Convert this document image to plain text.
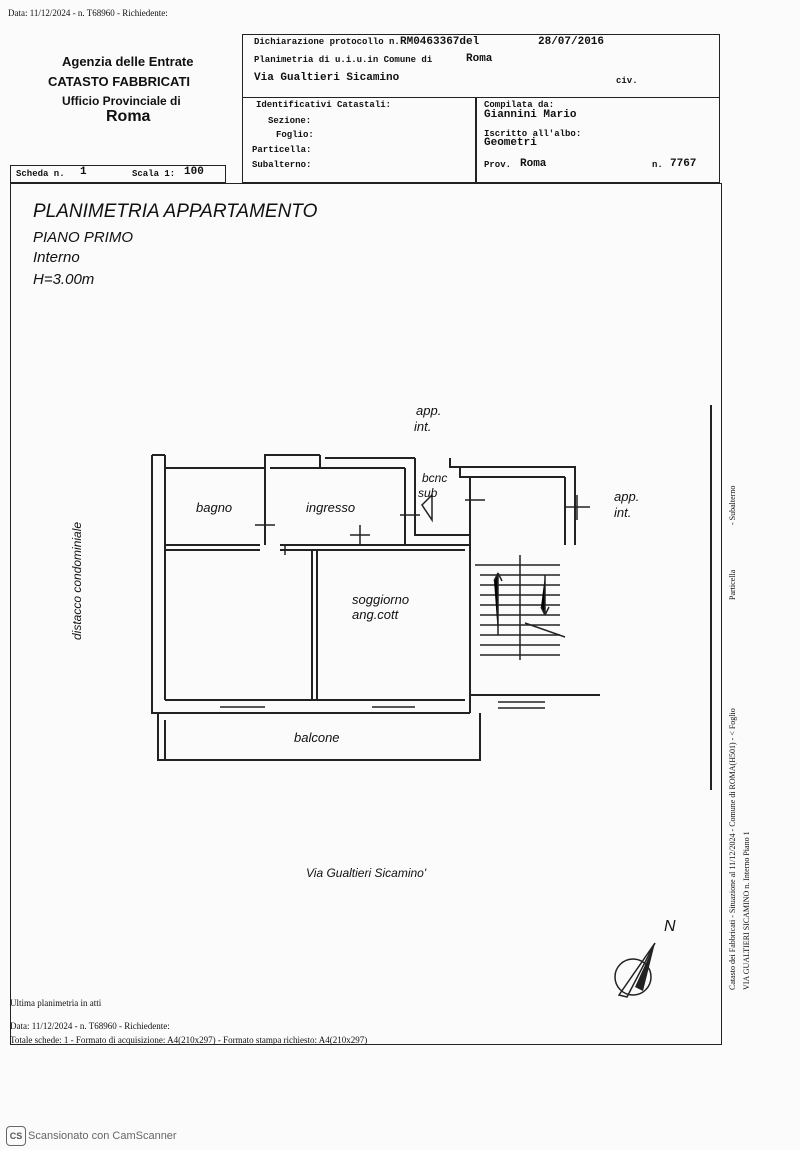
Data: 11/12/2024 - n. T68960 - Richiedente:
Agenzia delle Entrate
CATASTO FABBRICATI
Ufficio Provinciale di
Roma
Dichiarazione protocollo n. RM0463367del	28/07/2016
Planimetria di u.i.u.in Comune di	Roma
Via Gualtieri Sicamino	civ.
Identificativi Catastali:
Sezione:
Foglio:
Particella:
Subalterno:
Compilata da:
Giannini Mario
Iscritto all'albo:
Geometri
Prov. Roma	n. 7767
Scheda n. 1	Scala 1: 100
PLANIMETRIA APPARTAMENTO
PIANO PRIMO
Interno
H=3.00m
bagno	ingresso
bcnc
sub
soggiorno
ang.cott
balcone
app.
int.
app.
int.
distacco condominiale
Via Gualtieri Sicamino'
N	Catasto dei Fabbricati - Situazione al 11/12/2024 - Comune di ROMA(H501) - < Foglio
Particella
- Subalterno
VIA GUALTIERI SICAMINO n. Interno Piano 1
Ultima planimetria in atti
Data: 11/12/2024 - n. T68960 - Richiedente:
Totale schede: 1 - Formato di acquisizione: A4(210x297) - Formato stampa richiesto: A4(210x297)
CS Scansionato con CamScanner
